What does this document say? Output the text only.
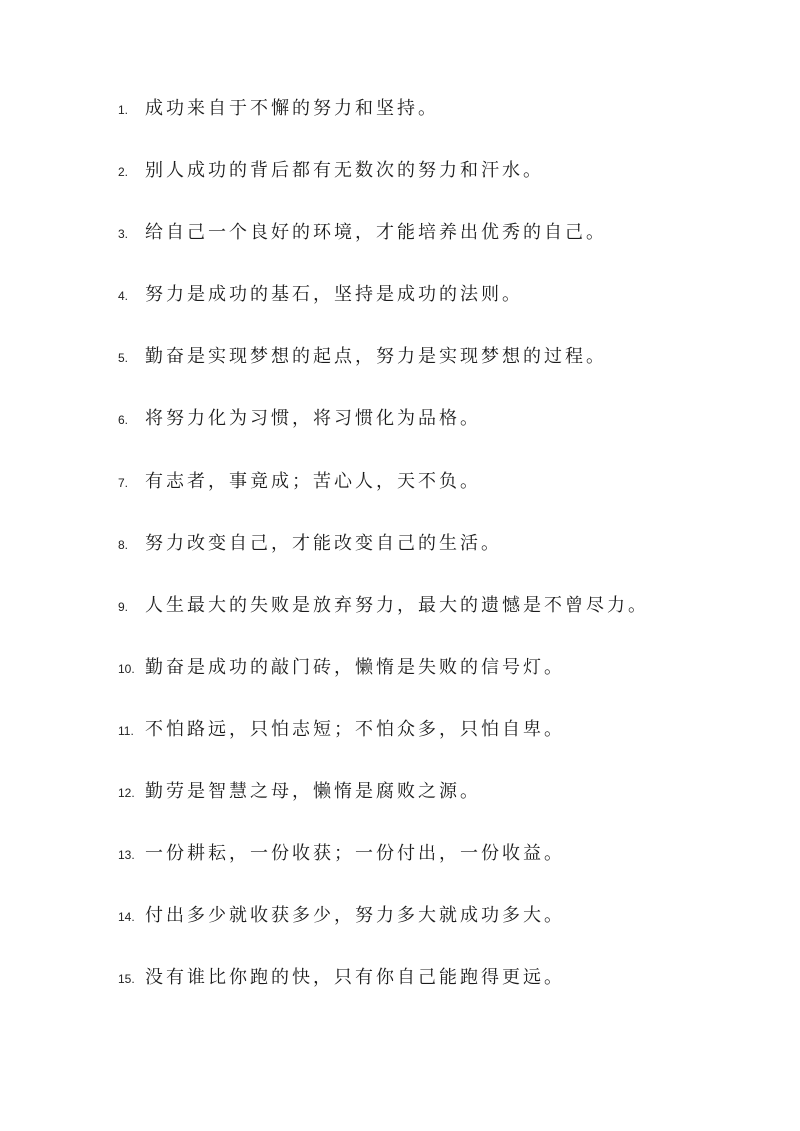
1. 成功来自于不懈的努力和坚持。
2. 别人成功的背后都有无数次的努力和汗水。
3. 给自己一个良好的环境，才能培养出优秀的自己。
4. 努力是成功的基石，坚持是成功的法则。
5. 勤奋是实现梦想的起点，努力是实现梦想的过程。
6. 将努力化为习惯，将习惯化为品格。
7. 有志者，事竟成；苦心人，天不负。
8. 努力改变自己，才能改变自己的生活。
9. 人生最大的失败是放弃努力，最大的遗憾是不曾尽力。
10. 勤奋是成功的敲门砖，懒惰是失败的信号灯。
11. 不怕路远，只怕志短；不怕众多，只怕自卑。
12. 勤劳是智慧之母，懒惰是腐败之源。
13. 一份耕耘，一份收获；一份付出，一份收益。
14. 付出多少就收获多少，努力多大就成功多大。
15. 没有谁比你跑的快，只有你自己能跑得更远。
